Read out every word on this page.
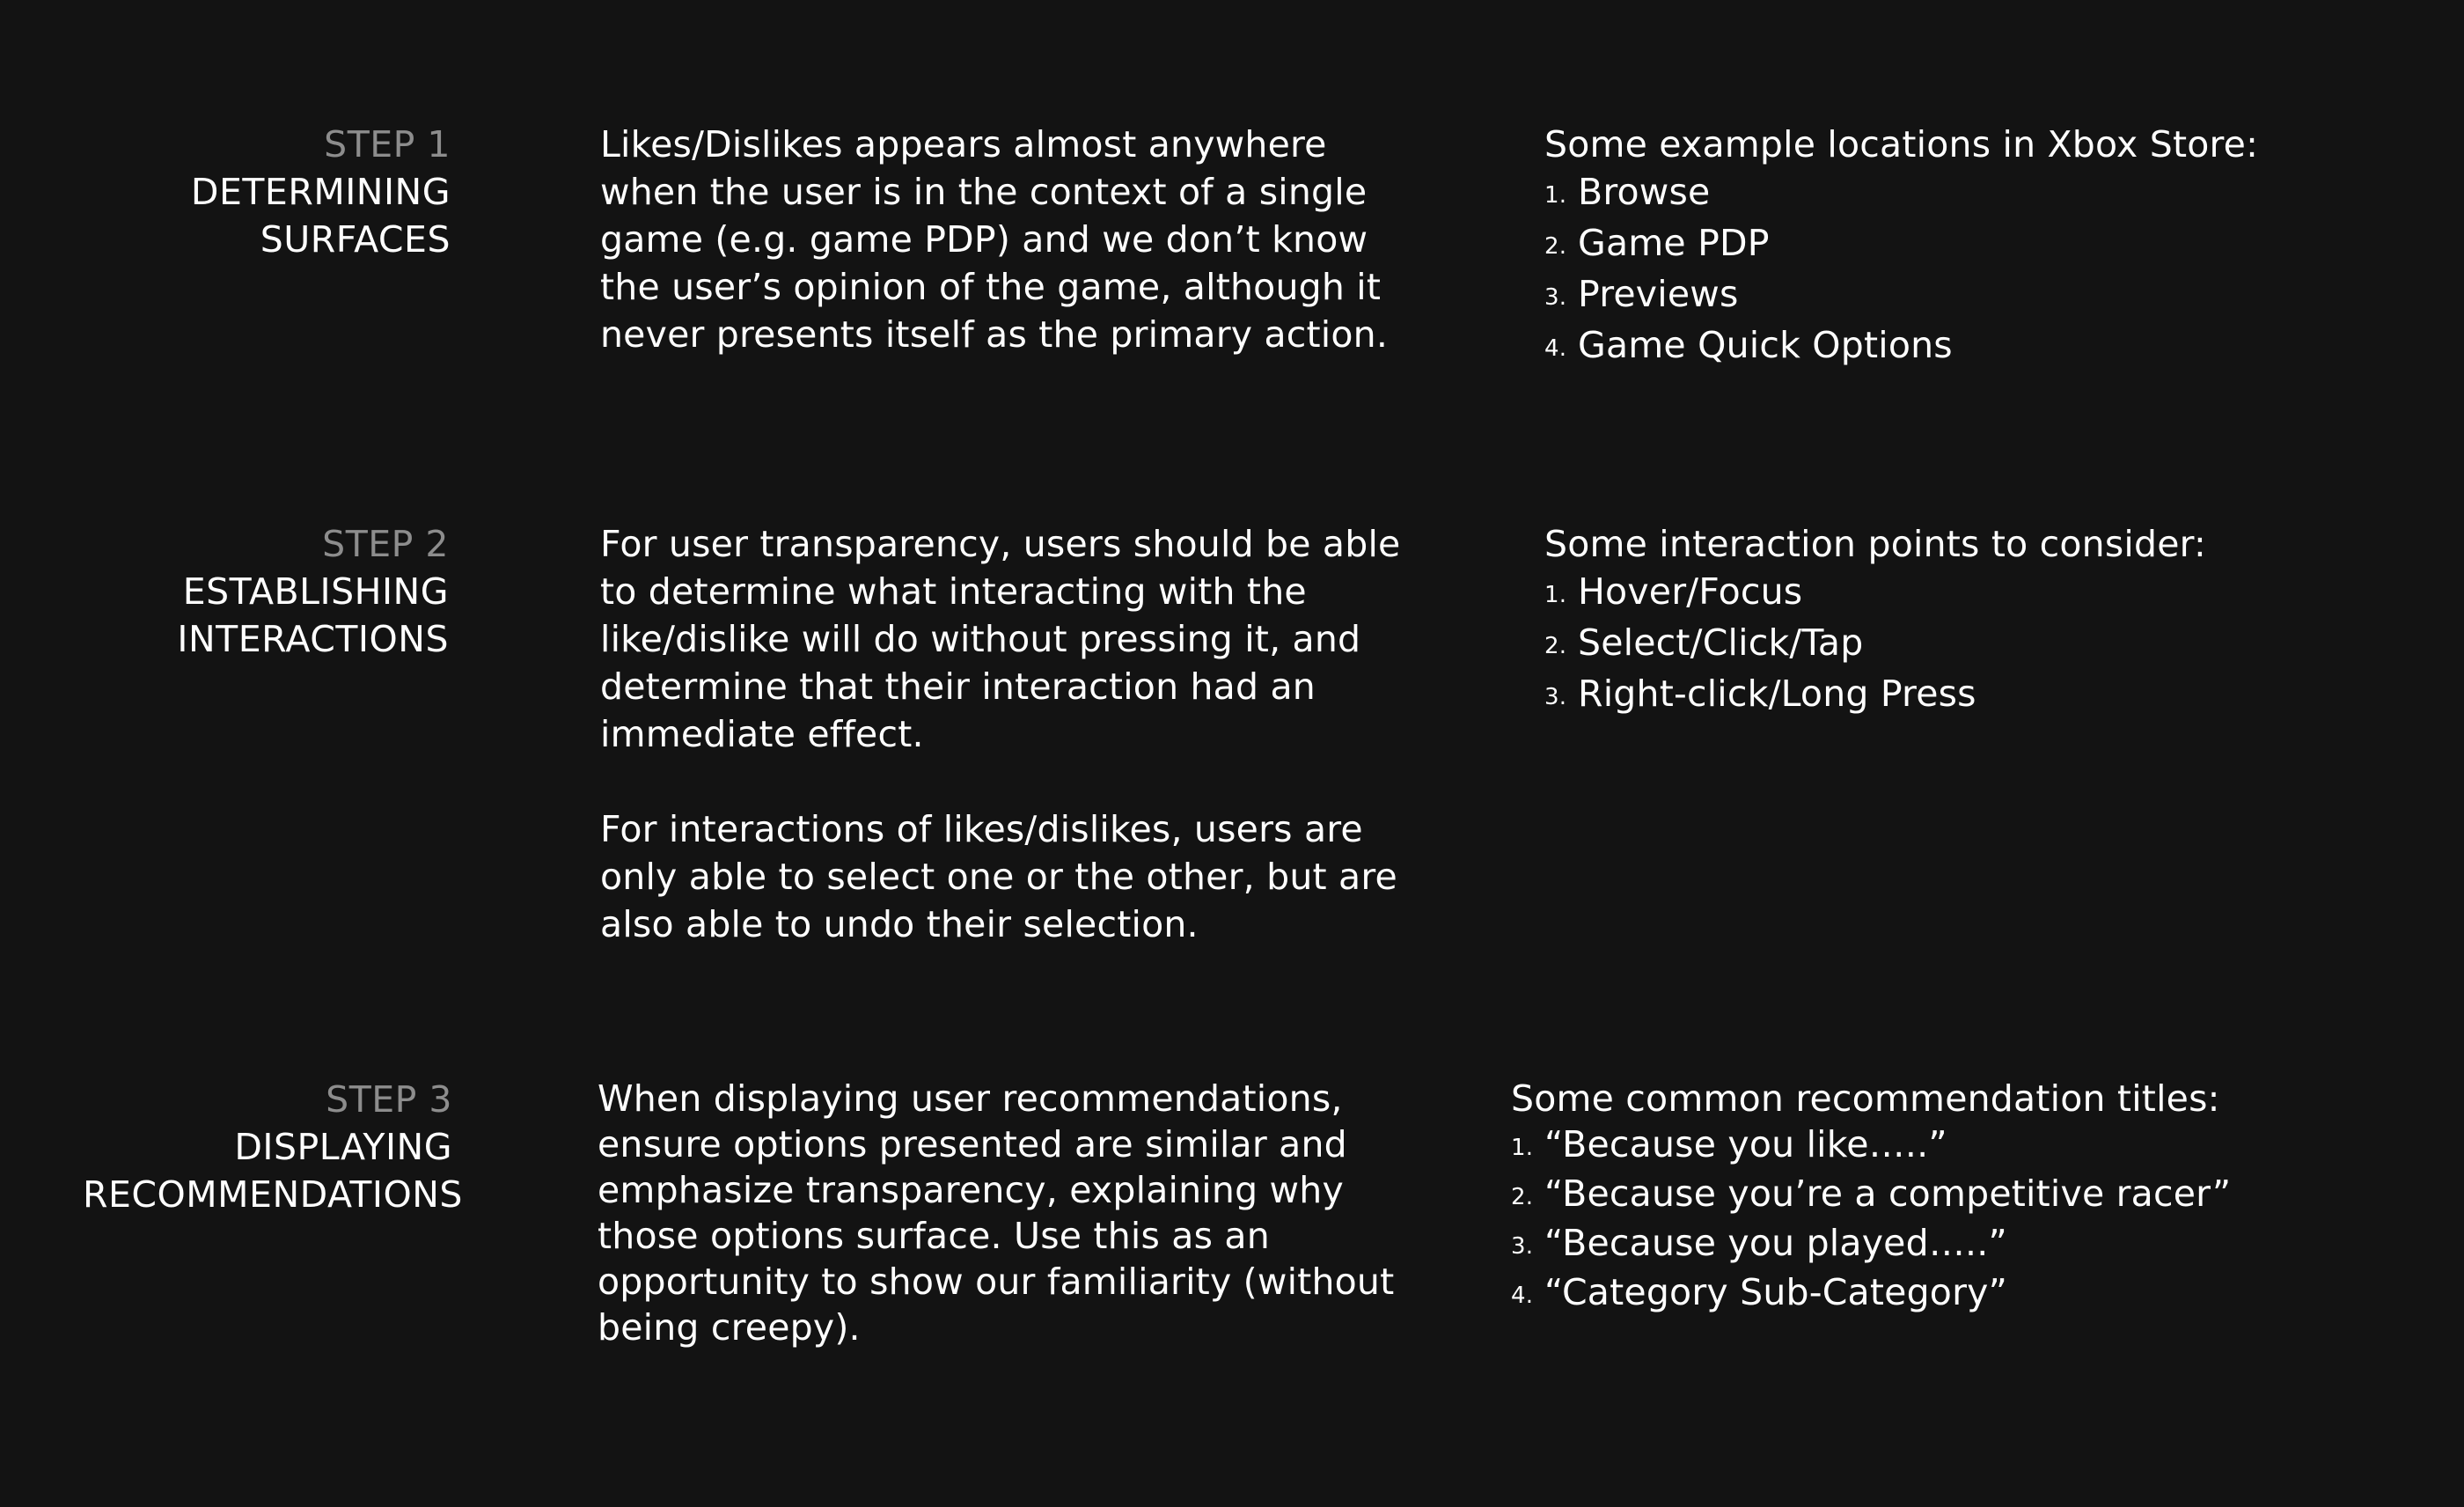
STEP 1
DETERMINING
SURFACES

Likes/Dislikes appears almost anywhere when the user is in the context of a single game (e.g. game PDP) and we don’t know the user’s opinion of the game, although it never presents itself as the primary action.

Some example locations in Xbox Store:
1. Browse
2. Game PDP
3. Previews
4. Game Quick Options
STEP 2
ESTABLISHING
INTERACTIONS

For user transparency, users should be able to determine what interacting with the like/dislike will do without pressing it, and determine that their interaction had an immediate effect.

For interactions of likes/dislikes, users are only able to select one or the other, but are also able to undo their selection.

Some interaction points to consider:
1. Hover/Focus
2. Select/Click/Tap
3. Right-click/Long Press
STEP 3
DISPLAYING
RECOMMENDATIONS

When displaying user recommendations, ensure options presented are similar and emphasize transparency, explaining why those options surface. Use this as an opportunity to show our familiarity (without being creepy).

Some common recommendation titles:
1. “Because you like…..”
2. “Because you’re a competitive racer”
3. “Because you played…..”
4. “Category Sub-Category”
